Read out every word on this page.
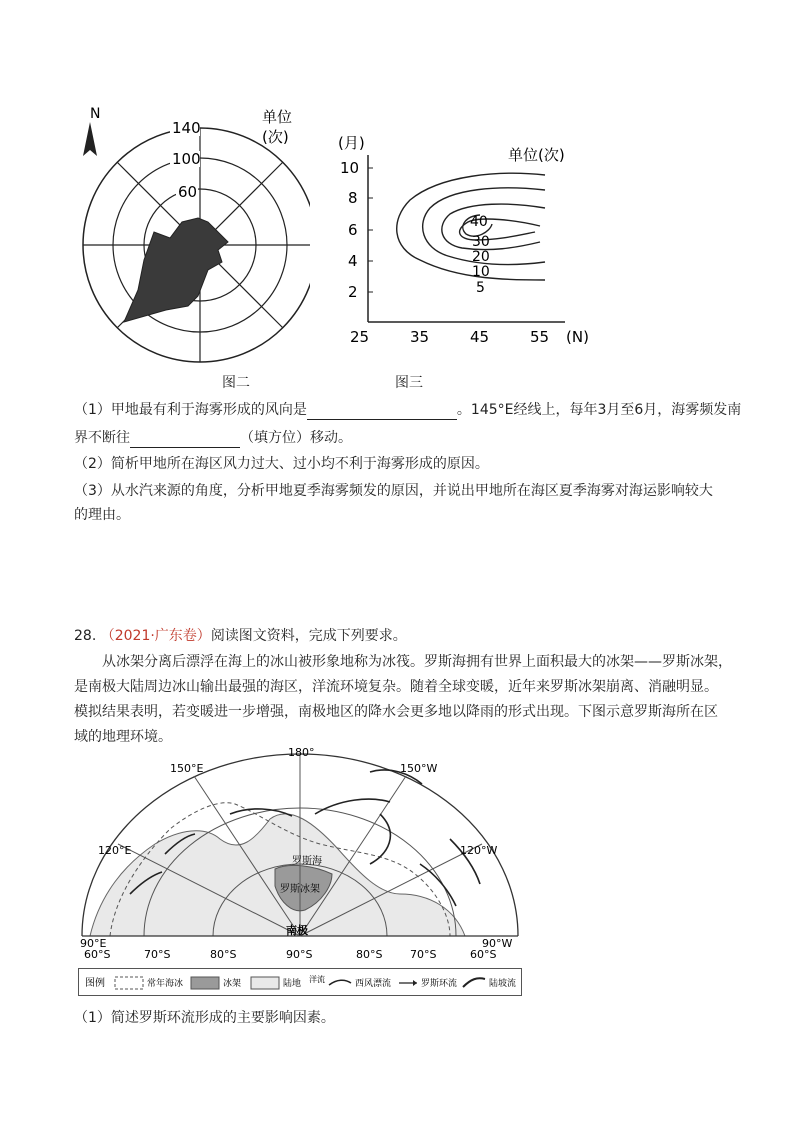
N
140
100
60
单位
(次)
图二
(月)
单位(次)
10
8
6
4
2
25	35	45	55 (N)
40
30
20
10
5
图三
（1）甲地最有利于海雾形成的风向是	。145°E经线上，每年3月至6月，海雾频发南
界不断往	（填方位）移动。
（2）简析甲地所在海区风力过大、过小均不利于海雾形成的原因。
（3）从水汽来源的角度，分析甲地夏季海雾频发的原因，并说出甲地所在海区夏季海雾对海运影响较大
的理由。
28. （2021·广东卷）阅读图文资料，完成下列要求。
从冰架分离后漂浮在海上的冰山被形象地称为冰筏。罗斯海拥有世界上面积最大的冰架——罗斯冰架，
是南极大陆周边冰山输出最强的海区，洋流环境复杂。随着全球变暖，近年来罗斯冰架崩离、消融明显。
模拟结果表明，若变暖进一步增强，南极地区的降水会更多地以降雨的形式出现。下图示意罗斯海所在区
域的地理环境。
180°
150°E	150°W
120°E	120°W
90°E	90°W
60°S	70°S	80°S	90°S	80°S	70°S	60°S
南极
罗斯海
罗斯冰架
图例	常年海冰	冰架	陆地 洋流	西风漂流	罗斯环流	陆坡流
（1）简述罗斯环流形成的主要影响因素。
